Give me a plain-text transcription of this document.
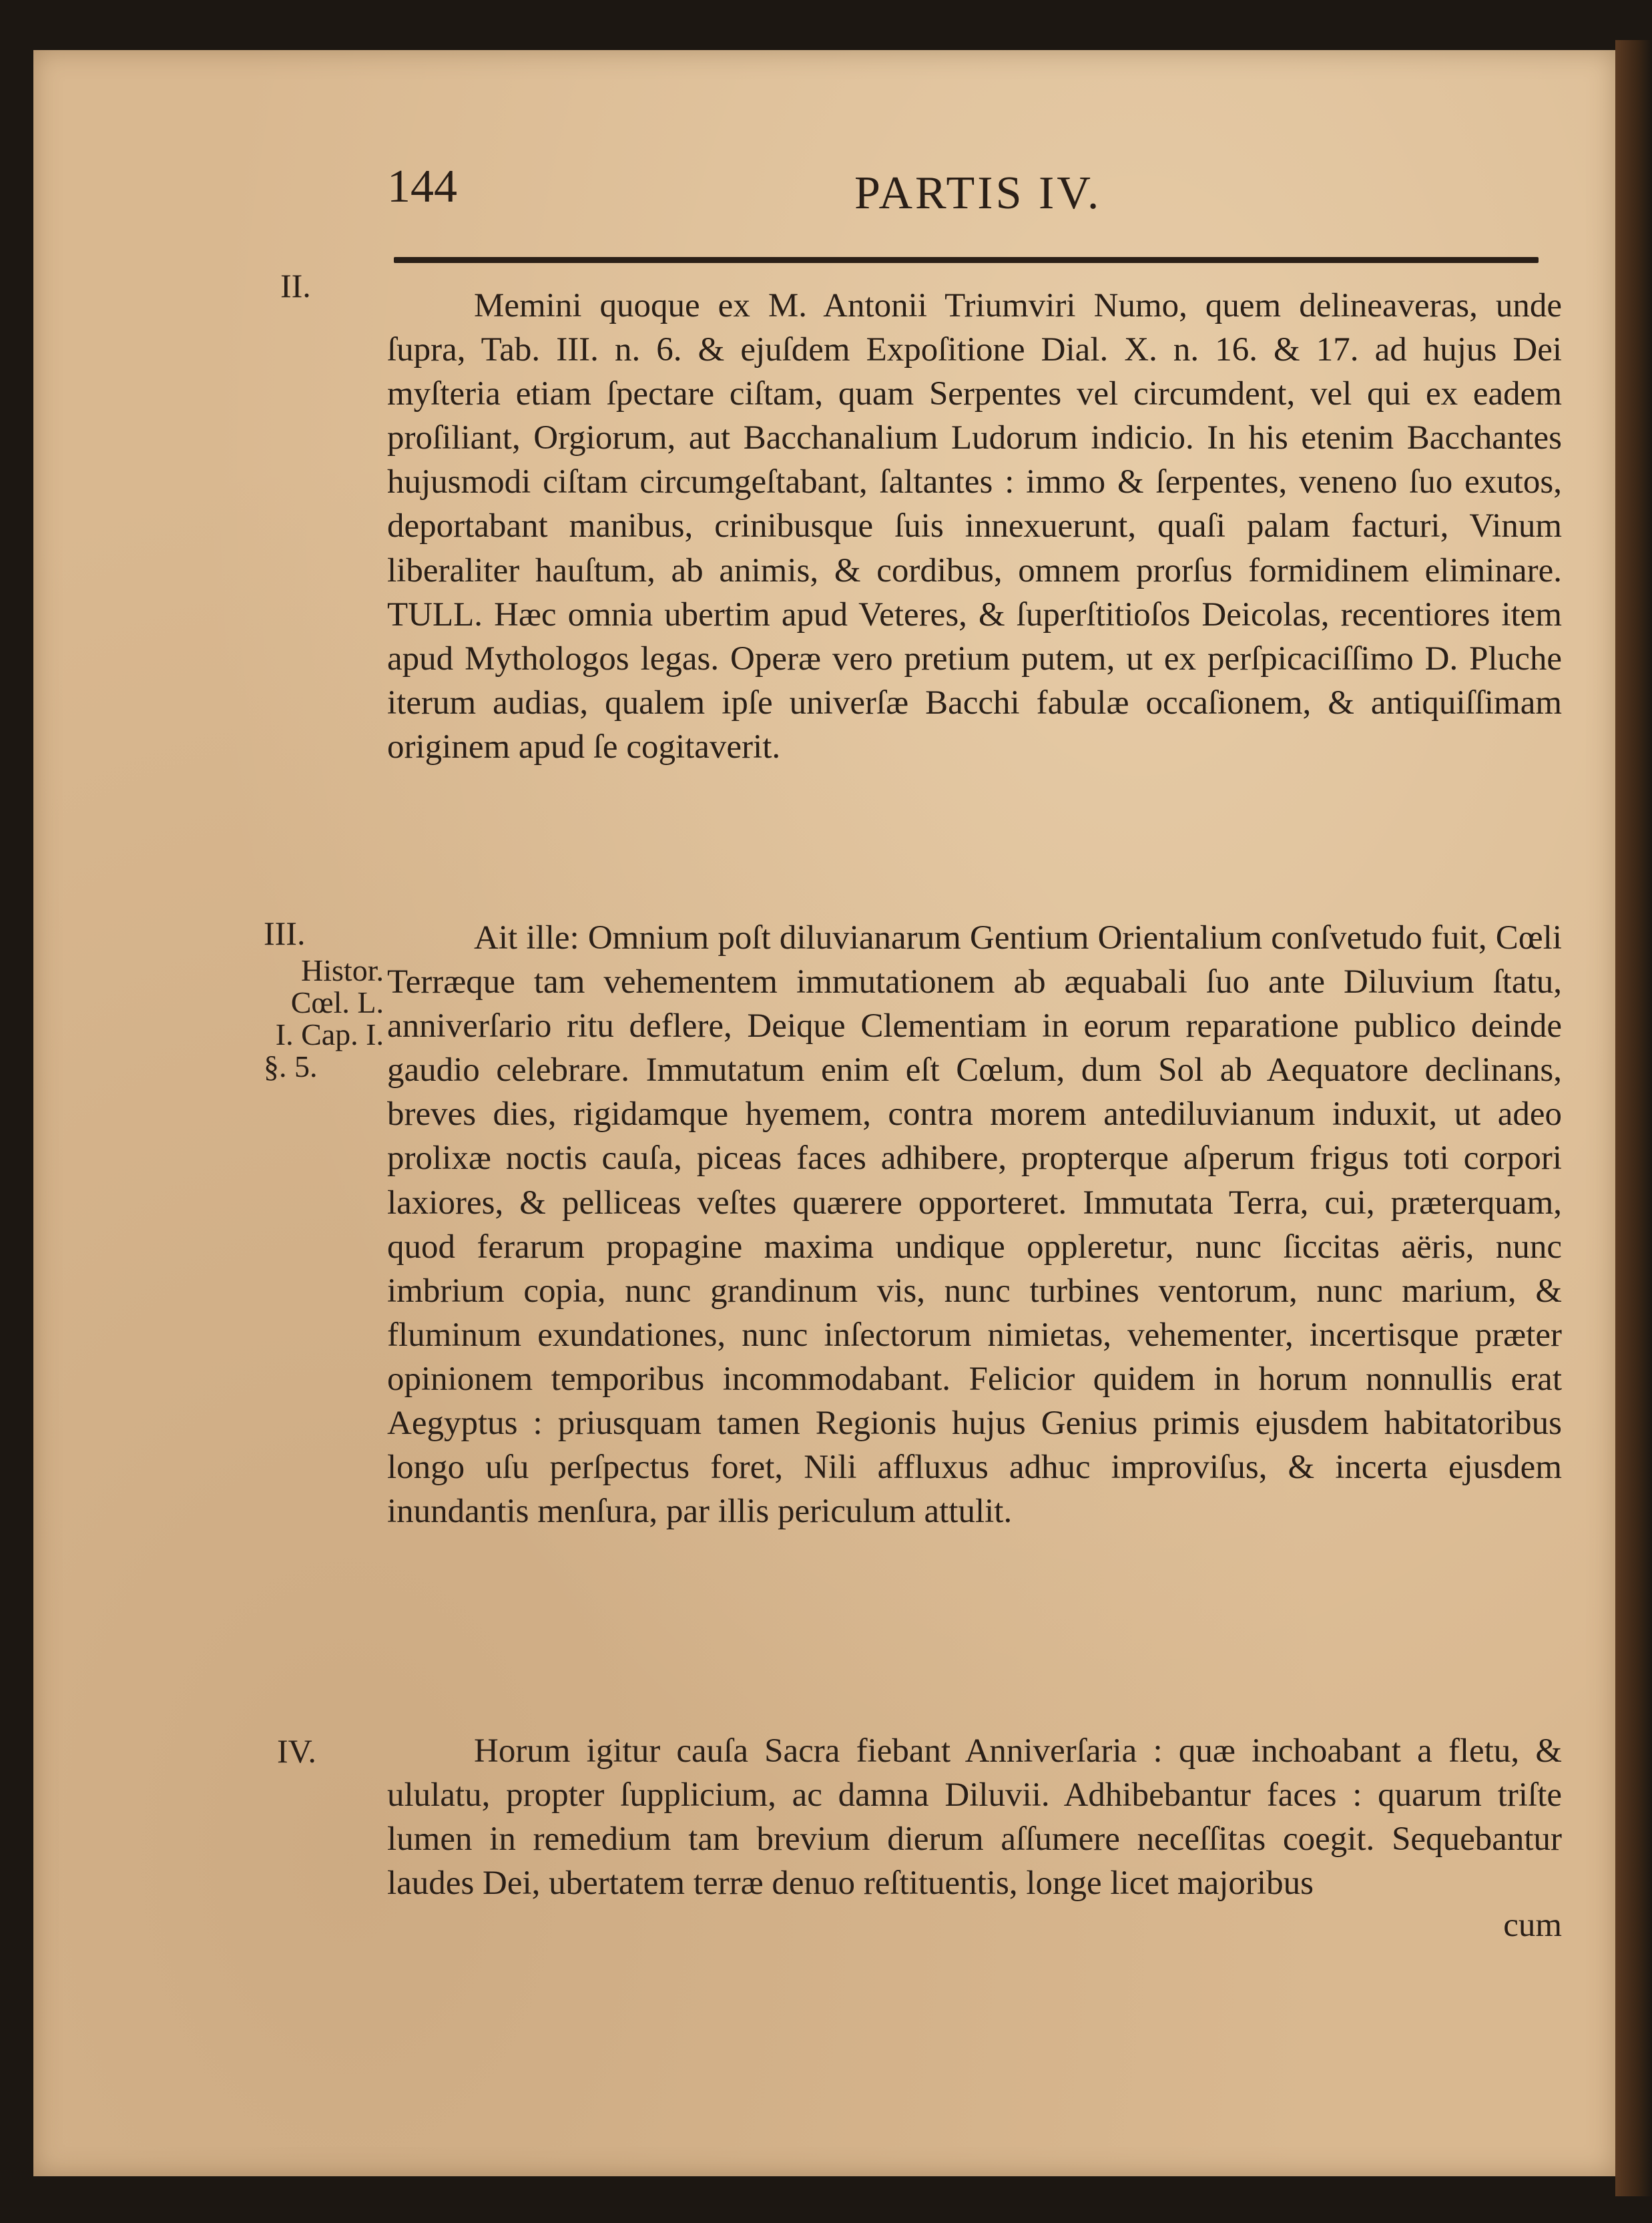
144	PARTIS IV.
II.
III.
Histor.
Cœl. L.
I. Cap. I.
§. 5.
IV.

Memini quoque ex M. Antonii Triumviri Numo, quem delineaveras, unde ſupra, Tab. III. n. 6. & ejuſdem Expoſitione Dial. X. n. 16. & 17. ad hujus Dei myſteria etiam ſpectare ciſtam, quam Serpentes vel circumdent, vel qui ex eadem proſiliant, Orgiorum, aut Bacchanalium Ludorum indicio. In his etenim Bacchantes hujusmodi ciſtam circumgeſtabant, ſaltantes : immo & ſerpentes, veneno ſuo exutos, deportabant manibus, crinibusque ſuis innexuerunt, quaſi palam facturi, Vinum liberaliter hauſtum, ab animis, & cordibus, omnem prorſus formidinem eliminare. TULL. Hæc omnia ubertim apud Veteres, & ſuperſtitioſos Deicolas, recentiores item apud Mythologos legas. Operæ vero pretium putem, ut ex perſpicaciſſimo D. Pluche iterum audias, qualem ipſe univerſæ Bacchi fabulæ occaſionem, & antiquiſſimam originem apud ſe cogitaverit.

Ait ille: Omnium poſt diluvianarum Gentium Orientalium conſvetudo fuit, Cœli Terræque tam vehementem immutationem ab æquabali ſuo ante Diluvium ſtatu, anniverſario ritu deflere, Deique Clementiam in eorum reparatione publico deinde gaudio celebrare. Immutatum enim eſt Cœlum, dum Sol ab Aequatore declinans, breves dies, rigidamque hyemem, contra morem antediluvianum induxit, ut adeo prolixæ noctis cauſa, piceas faces adhibere, propterque aſperum frigus toti corpori laxiores, & pelliceas veſtes quærere opporteret. Immutata Terra, cui, præterquam, quod ferarum propagine maxima undique oppleretur, nunc ſiccitas aëris, nunc imbrium copia, nunc grandinum vis, nunc turbines ventorum, nunc marium, & fluminum exundationes, nunc inſectorum nimietas, vehementer, incertisque præter opinionem temporibus incommodabant. Felicior quidem in horum nonnullis erat Aegyptus : priusquam tamen Regionis hujus Genius primis ejusdem habitatoribus longo uſu perſpectus foret, Nili affluxus adhuc improviſus, & incerta ejusdem inundantis menſura, par illis periculum attulit.

Horum igitur cauſa Sacra fiebant Anniverſaria : quæ inchoabant a fletu, & ululatu, propter ſupplicium, ac damna Diluvii. Adhibebantur faces : quarum triſte lumen in remedium tam brevium dierum aſſumere neceſſitas coegit. Sequebantur laudes Dei, ubertatem terræ denuo reſtituentis, longe licet majoribus

cum
